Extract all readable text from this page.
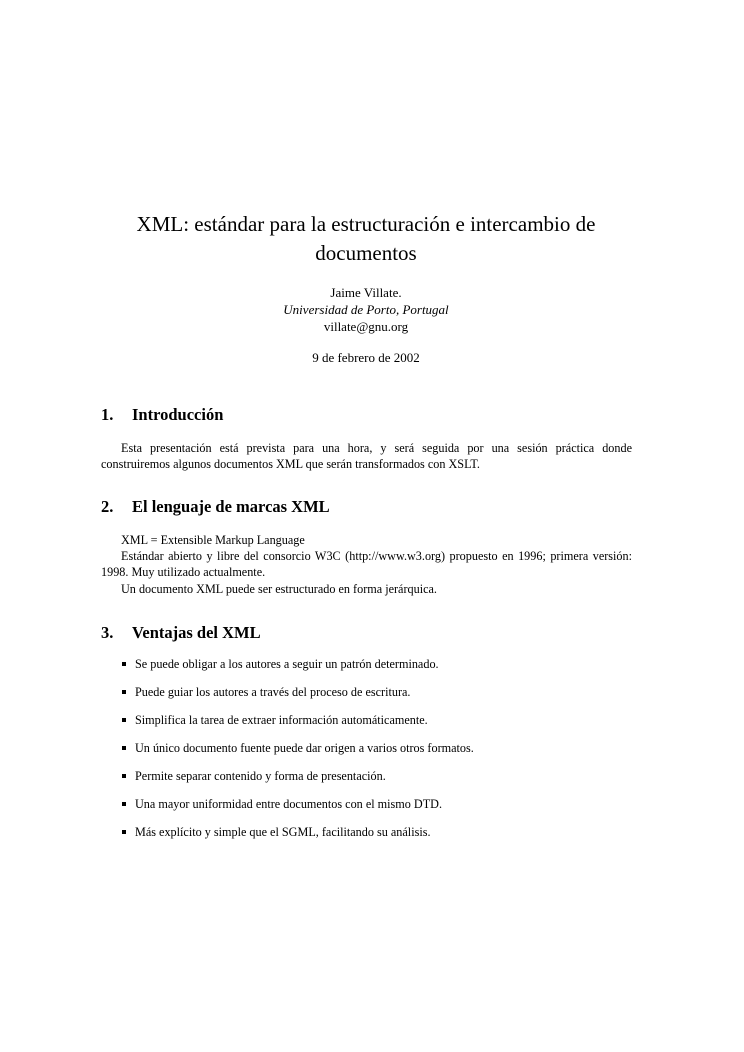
XML: estándar para la estructuración e intercambio de documentos
Jaime Villate.
Universidad de Porto, Portugal
villate@gnu.org
9 de febrero de 2002
1. Introducción

Esta presentación está prevista para una hora, y será seguida por una sesión práctica donde construiremos algunos documentos XML que serán transformados con XSLT.

2. El lenguaje de marcas XML

XML = Extensible Markup Language

Estándar abierto y libre del consorcio W3C (http://www.w3.org) propuesto en 1996; primera versión: 1998. Muy utilizado actualmente.

Un documento XML puede ser estructurado en forma jerárquica.

3. Ventajas del XML
Se puede obligar a los autores a seguir un patrón determinado.
Puede guiar los autores a través del proceso de escritura.
Simplifica la tarea de extraer información automáticamente.
Un único documento fuente puede dar origen a varios otros formatos.
Permite separar contenido y forma de presentación.
Una mayor uniformidad entre documentos con el mismo DTD.
Más explícito y simple que el SGML, facilitando su análisis.
